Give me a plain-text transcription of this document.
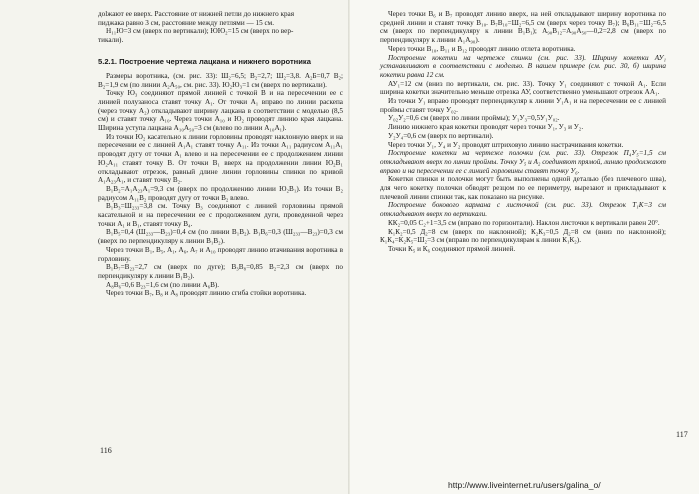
доlжают ее вверх. Расстояние от нижней петли до нижнего края

пиджака равно 3 см, расстояние между петлями — 15 см.

Н₁₁Ю=3 см (вверх по вертикали); ЮЮ₂=15 см (вверх по вер-

тикали).

5.2.1. Построение чертежа лацкана и нижнего воротника

Размеры воротника, (см. рис. 33): Ш₂=6,5; В₂=2,7; Ш₂=3,8. А₂Б=0,7 В₂; В₂=1,9 см (по линии А₂А₅₀, см. рис. 33). Ю₂Ю₃=1 см (вверх по вертикали).

Точку Ю₃ соединяют прямой линией с точкой В и на пересечении ее с линией полузаноса ставят точку А₁. От точки А₁ вправо по линии раскепа (через точку А₂) откладывают ширину лацкана в соответствии с моделью (8,5 см) и ставят точку А₁₀. Через точки А₁₀ и Ю₂ проводят линию края лацкана. Ширина уступа лацкана А₁₀А₅₀=3 см (влево по линии А₁₀А₁).

Из точки Ю₂ касательно к линии горловины проводят наклонную вверх и на пересечении ее с линией А₁А₁ ставят точку А₁₁. Из точки А₁₁ радиусом А₁₁А₁ проводят дугу от точки А₁ влево и на пересечении ее с продолжением линии Ю₂А₁₁ ставят точку В. От точки В₁ вверх на продолжении линии Ю₂В₁ откладывают отрезок, равный длине линии горловины спинки по кривой А₁А₂₃А₁, и ставят точку В₂.

В₁В₂=А₁А₂₃А₁=9,3 см (вверх по продолжению линии Ю₂В₁). Из точки В₂ радиусом А₁₁В₂ проводят дугу от точки В₂ влево.

В₁В₃=Ш₂₃₃=3,8 см. Точку В₃ соединяют с линией горловины прямой касательной и на пересечении ее с продолжением дуги, проведенной через точки А₁ и В₁, ставят точку В₄.

В₁В₅=0,4 (Ш₂₃₃—В₂₃)=0,4 см (по линии В₁В₂). В₁В₆=0,3 (Ш₂₃₃—В₂₃)=0,3 см (вверх по перпендикуляру к линии В₁В₂).

Через точки В₁, В₅, А₁, А₆, А₇ и А₁₀ проводят линию втачивания воротника в горловину.

В₁В₇=В₂₃=2,7 см (вверх по дуге); В₃В₈=0,85 В₂=2,3 см (вверх по перпендикуляру к линии В₁В₂).

А₈В₆=0,6 В₂₃=1,6 см (по линии А₆В).

Через точки В₇, В₈ и А₈ проводят линию сгиба стойки воротника.

116

Через точки В₆ и В₇ проводят линию вверх, на ней откладывают ширину воротника по средней линии и ставят точку В₁₀. В₇В₁₀=Ш₂=6,5 см (вверх через точку В₇); В₆В₁₁=Ш₂=6,5 см (вверх по перпендикуляру к линии В₁В₁); А₉₀В₁₂=А₉₀А₅₀—0,2=2,8 см (вверх по перпендикуляру к линии А₁А₉₀).

Через точки В₁₀, В₁₁ и В₁₂ проводят линию отлета воротника.

Построение кокетки на чертеже спинки (см. рис. 33). Ширину кокетки АУ₁ устанавливают в соответствии с моделью. В нашем примере (см. рис. 30, б) ширина кокетки равна 12 см.

АУ₁=12 см (вниз по вертикали, см. рис. 33). Точку У₁ соединяют с точкой А₁. Если ширина кокетки значительно меньше отрезка АУ, соответственно уменьшают отрезок АА₁.

Из точки У₁ вправо проводят перпендикуляр к линии У₁А₁ и на пересечении ее с линией проймы ставят точку У₀₂.

У₀₂У₂=0,6 см (вверх по линии проймы); У₁У₃=0,5У₁У₀₂.

Линию нижнего края кокетки проводят через точки У₁, У₃ и У₂.

У₂У₄=0,6 см (вверх по вертикали).

Через точки У₁, У₄ и У₂ проводят штриховую линию настрачивания кокетки.

Построение кокетки на чертеже полочки (см. рис. 33). Отрезок П₄У₅=1,5 см откладывают вверх по линии проймы. Точку У₅ и А₂ соединяют прямой, линию продолжают вправо и на пересечении ее с линией горловины ставят точку У₆.

Кокетки спинки и полочки могут быть выполнены одной деталью (без плечевого шва), для чего кокетку полочки обводят резцом по ее периметру, вырезают и прикладывают к плечевой линии спинки так, как показано на рисунке.

Построение бокового кармана с листочкой (см. рис. 33). Отрезок Т₁К=3 см откладывают вверх по вертикали.

КК₂=0,05 С₂+1=3,5 см (вправо по горизонтали). Наклон листочки к вертикали равен 20°.

К₁К₂=0,5 Д₂=8 см (вверх по наклонной); К₂К₃=0,5 Д₂=8 см (вниз по наклонной); К₁К₄=К₂К₅=Ш₂=3 см (вправо по перпендикулярам к линии К₁К₂).

Точки К₅ и К₆ соединяют прямой линией.

117
http://www.liveinternet.ru/users/galina_o/
